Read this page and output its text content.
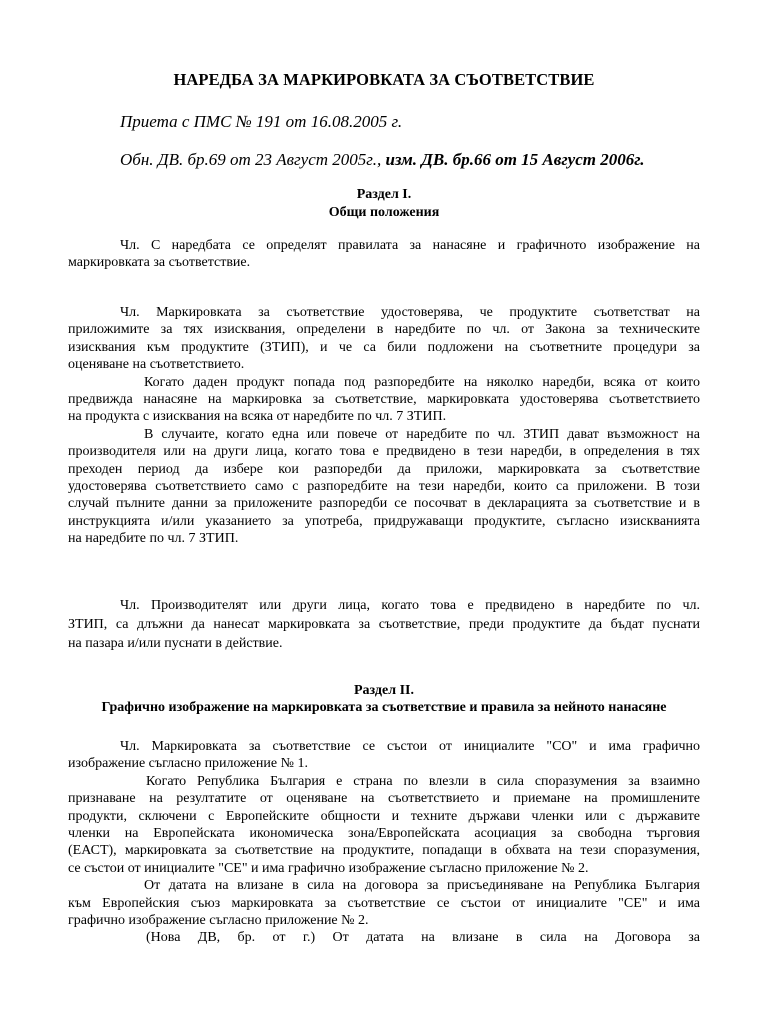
НАРЕДБА ЗА МАРКИРОВКАТА ЗА СЪОТВЕТСТВИЕ
Приета с ПМС № 191 от 16.08.2005 г.
Обн. ДВ. бр.69 от 23 Август 2005г., изм. ДВ. бр.66 от 15 Август 2006г.
Раздел I.
Общи положения
Чл. С наредбата се определят правилата за нанасяне и графичното изображение на
маркировката за съответствие.
Чл. Маркировката за съответствие удостоверява, че продуктите съответстват на
приложимите за тях изисквания, определени в наредбите по чл. от Закона за техническите
изисквания към продуктите (ЗТИП), и че са били подложени на съответните процедури за
оценяване на съответствието.
Когато даден продукт попада под разпоредбите на няколко наредби, всяка от които
предвижда нанасяне на маркировка за съответствие, маркировката удостоверява съответствието
на продукта с изисквания на всяка от наредбите по чл. 7 ЗТИП.
В случаите, когато една или повече от наредбите по чл. ЗТИП дават възможност на
производителя или на други лица, когато това е предвидено в тези наредби, в определения в тях
преходен период да избере кои разпоредби да приложи, маркировката за съответствие
удостоверява съответствието само с разпоредбите на тези наредби, които са приложени. В този
случай пълните данни за приложените разпоредби се посочват в декларацията за съответствие и в
инструкцията и/или указанието за употреба, придружаващи продуктите, съгласно изискванията
на наредбите по чл. 7 ЗТИП.
Чл. Производителят или други лица, когато това е предвидено в наредбите по чл.
ЗТИП, са длъжни да нанесат маркировката за съответствие, преди продуктите да бъдат пуснати
на пазара и/или пуснати в действие.
Раздел II.
Графично изображение на маркировката за съответствие и правила за нейното нанасяне
Чл. Маркировката за съответствие се състои от инициалите "СО" и има графично
изображение съгласно приложение № 1.
Когато Република България е страна по влезли в сила споразумения за взаимно
признаване на резултатите от оценяване на съответствието и приемане на промишлените
продукти, сключени с Европейските общности и техните държави членки или с държавите
членки на Европейската икономическа зона/Европейската асоциация за свободна търговия
(ЕАСТ), маркировката за съответствие на продуктите, попадащи в обхвата на тези споразумения,
се състои от инициалите "СЕ" и има графично изображение съгласно приложение № 2.
От датата на влизане в сила на договора за присъединяване на Република България
към Европейския съюз маркировката за съответствие се състои от инициалите "СЕ" и има
графично изображение съгласно приложение № 2.
(Нова ДВ, бр. от г.) От датата на влизане в сила на Договора за
